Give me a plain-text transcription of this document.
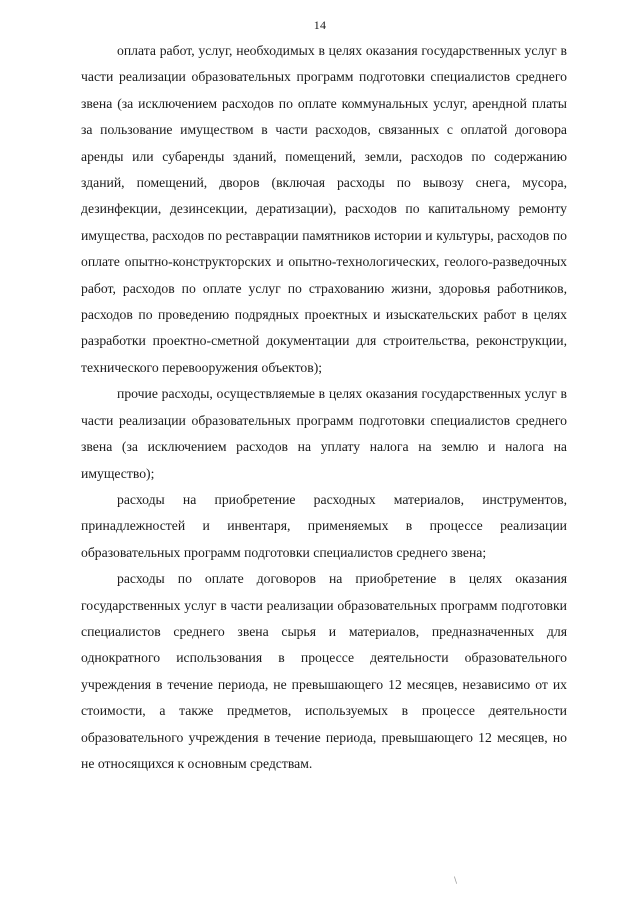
14

оплата работ, услуг, необходимых в целях оказания государственных услуг в части реализации образовательных программ подготовки специалистов среднего звена (за исключением расходов по оплате коммунальных услуг, арендной платы за пользование имуществом в части расходов, связанных с оплатой договора аренды или субаренды зданий, помещений, земли, расходов по содержанию зданий, помещений, дворов (включая расходы по вывозу снега, мусора, дезинфекции, дезинсекции, дератизации), расходов по капитальному ремонту имущества, расходов по реставрации памятников истории и культуры, расходов по оплате опытно-конструкторских и опытно-технологических, геолого-разведочных работ, расходов по оплате услуг по страхованию жизни, здоровья работников, расходов по проведению подрядных проектных и изыскательских работ в целях разработки проектно-сметной документации для строительства, реконструкции, технического перевооружения объектов);

прочие расходы, осуществляемые в целях оказания государственных услуг в части реализации образовательных программ подготовки специалистов среднего звена (за исключением расходов на уплату налога на землю и налога на имущество);

расходы на приобретение расходных материалов, инструментов, принадлежностей и инвентаря, применяемых в процессе реализации образовательных программ подготовки специалистов среднего звена;

расходы по оплате договоров на приобретение в целях оказания государственных услуг в части реализации образовательных программ подготовки специалистов среднего звена сырья и материалов, предназначенных для однократного использования в процессе деятельности образовательного учреждения в течение периода, не превышающего 12 месяцев, независимо от их стоимости, а также предметов, используемых в процессе деятельности образовательного учреждения в течение периода, превышающего 12 месяцев, но не относящихся к основным средствам.

\
